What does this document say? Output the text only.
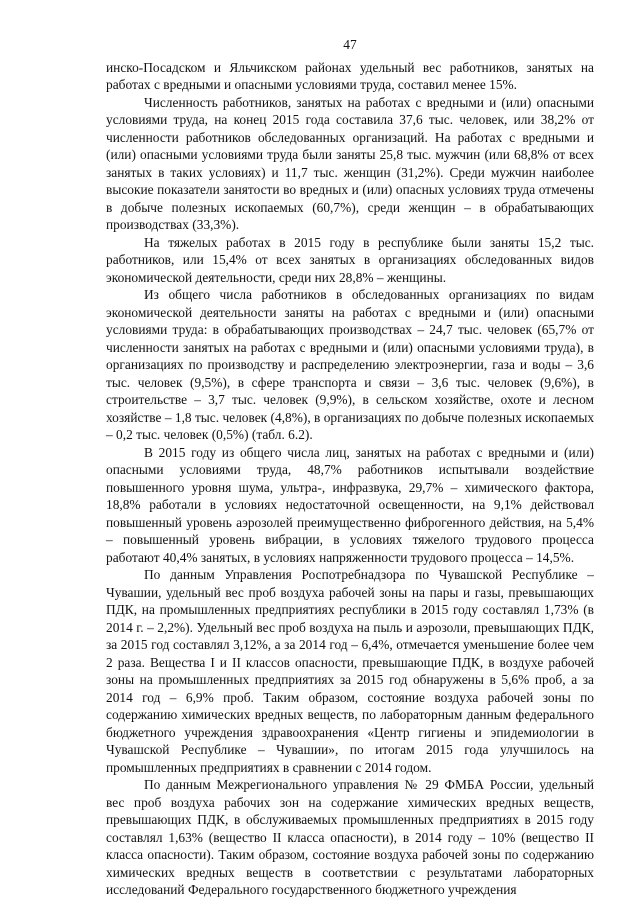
47

инско-Посадском и Яльчикском районах удельный вес работников, занятых на работах с вредными и опасными условиями труда, составил менее 15%.

Численность работников, занятых на работах с вредными и (или) опасными условиями труда, на конец 2015 года составила 37,6 тыс. человек, или 38,2% от численности работников обследованных организаций. На работах с вредными и (или) опасными условиями труда были заняты 25,8 тыс. мужчин (или 68,8% от всех занятых в таких условиях) и 11,7 тыс. женщин (31,2%). Среди мужчин наиболее высокие показатели занятости во вредных и (или) опасных условиях труда отмечены в добыче полезных ископаемых (60,7%), среди женщин – в обрабатывающих производствах (33,3%).

На тяжелых работах в 2015 году в республике были заняты 15,2 тыс. работников, или 15,4% от всех занятых в организациях обследованных видов экономической деятельности, среди них 28,8% – женщины.

Из общего числа работников в обследованных организациях по видам экономической деятельности заняты на работах с вредными и (или) опасными условиями труда: в обрабатывающих производствах – 24,7 тыс. человек (65,7% от численности занятых на работах с вредными и (или) опасными условиями труда), в организациях по производству и распределению электроэнергии, газа и воды – 3,6 тыс. человек (9,5%), в сфере транспорта и связи – 3,6 тыс. человек (9,6%), в строительстве – 3,7 тыс. человек (9,9%), в сельском хозяйстве, охоте и лесном хозяйстве – 1,8 тыс. человек (4,8%), в организациях по добыче полезных ископаемых – 0,2 тыс. человек (0,5%) (табл. 6.2).

В 2015 году из общего числа лиц, занятых на работах с вредными и (или) опасными условиями труда, 48,7% работников испытывали воздействие повышенного уровня шума, ультра-, инфразвука, 29,7% – химического фактора, 18,8% работали в условиях недостаточной освещенности, на 9,1% действовал повышенный уровень аэрозолей преимущественно фиброгенного действия, на 5,4% – повышенный уровень вибрации, в условиях тяжелого трудового процесса работают 40,4% занятых, в условиях напряженности трудового процесса – 14,5%.

По данным Управления Роспотребнадзора по Чувашской Республике – Чувашии, удельный вес проб воздуха рабочей зоны на пары и газы, превышающих ПДК, на промышленных предприятиях республики в 2015 году составлял 1,73% (в 2014 г. – 2,2%). Удельный вес проб воздуха на пыль и аэрозоли, превышающих ПДК, за 2015 год составлял 3,12%, а за 2014 год – 6,4%, отмечается уменьшение более чем 2 раза. Вещества I и II классов опасности, превышающие ПДК, в воздухе рабочей зоны на промышленных предприятиях за 2015 год обнаружены в 5,6% проб, а за 2014 год – 6,9% проб. Таким образом, состояние воздуха рабочей зоны по содержанию химических вредных веществ, по лабораторным данным федерального бюджетного учреждения здравоохранения «Центр гигиены и эпидемиологии в Чувашской Республике – Чувашии», по итогам 2015 года улучшилось на промышленных предприятиях в сравнении с 2014 годом.

По данным Межрегионального управления № 29 ФМБА России, удельный вес проб воздуха рабочих зон на содержание химических вредных веществ, превышающих ПДК, в обслуживаемых промышленных предприятиях в 2015 году составлял 1,63% (вещество II класса опасности), в 2014 году – 10% (вещество II класса опасности). Таким образом, состояние воздуха рабочей зоны по содержанию химических вредных веществ в соответствии с результатами лабораторных исследований Федерального государственного бюджетного учреждения
